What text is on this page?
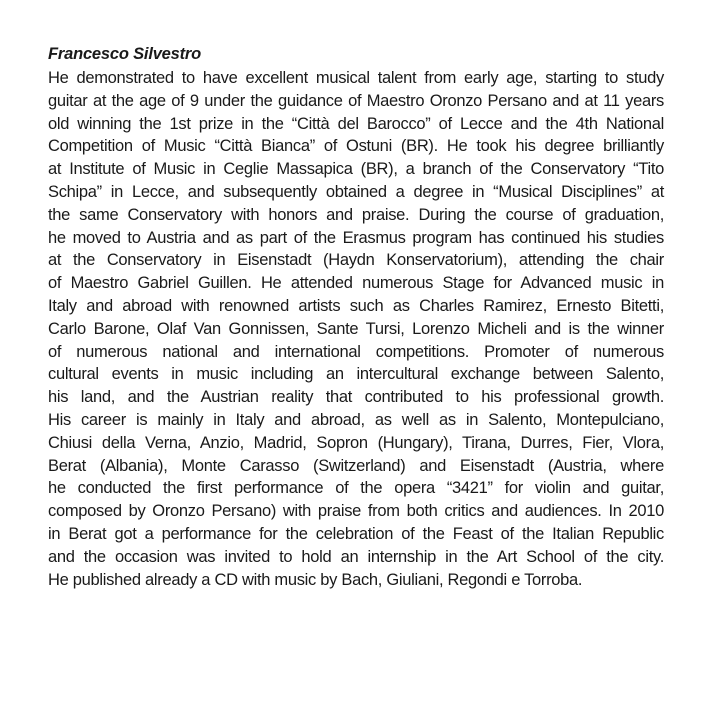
Francesco Silvestro

He demonstrated to have excellent musical talent from early age, starting to study
guitar at the age of 9 under the guidance of Maestro Oronzo Persano and at 11 years
old winning the 1st prize in the “Città del Barocco” of Lecce and the 4th National
Competition of Music “Città Bianca” of Ostuni (BR). He took his degree brilliantly
at Institute of Music in Ceglie Massapica (BR), a branch of the Conservatory “Tito
Schipa” in Lecce, and subsequently obtained a degree in “Musical Disciplines” at
the same Conservatory with honors and praise. During the course of graduation,
he moved to Austria and as part of the Erasmus program has continued his studies
at the Conservatory in Eisenstadt (Haydn Konservatorium), attending the chair
of Maestro Gabriel Guillen. He attended numerous Stage for Advanced music in
Italy and abroad with renowned artists such as Charles Ramirez, Ernesto Bitetti,
Carlo Barone, Olaf Van Gonnissen, Sante Tursi, Lorenzo Micheli and is the winner
of numerous national and international competitions. Promoter of numerous
cultural events in music including an intercultural exchange between Salento,
his land, and the Austrian reality that contributed to his professional growth.
His career is mainly in Italy and abroad, as well as in Salento, Montepulciano,
Chiusi della Verna, Anzio, Madrid, Sopron (Hungary), Tirana, Durres, Fier, Vlora,
Berat (Albania), Monte Carasso (Switzerland) and Eisenstadt (Austria, where
he conducted the first performance of the opera “3421” for violin and guitar,
composed by Oronzo Persano) with praise from both critics and audiences. In 2010
in Berat got a performance for the celebration of the Feast of the Italian Republic
and the occasion was invited to hold an internship in the Art School of the city.
He published already a CD with music by Bach, Giuliani, Regondi e Torroba.
